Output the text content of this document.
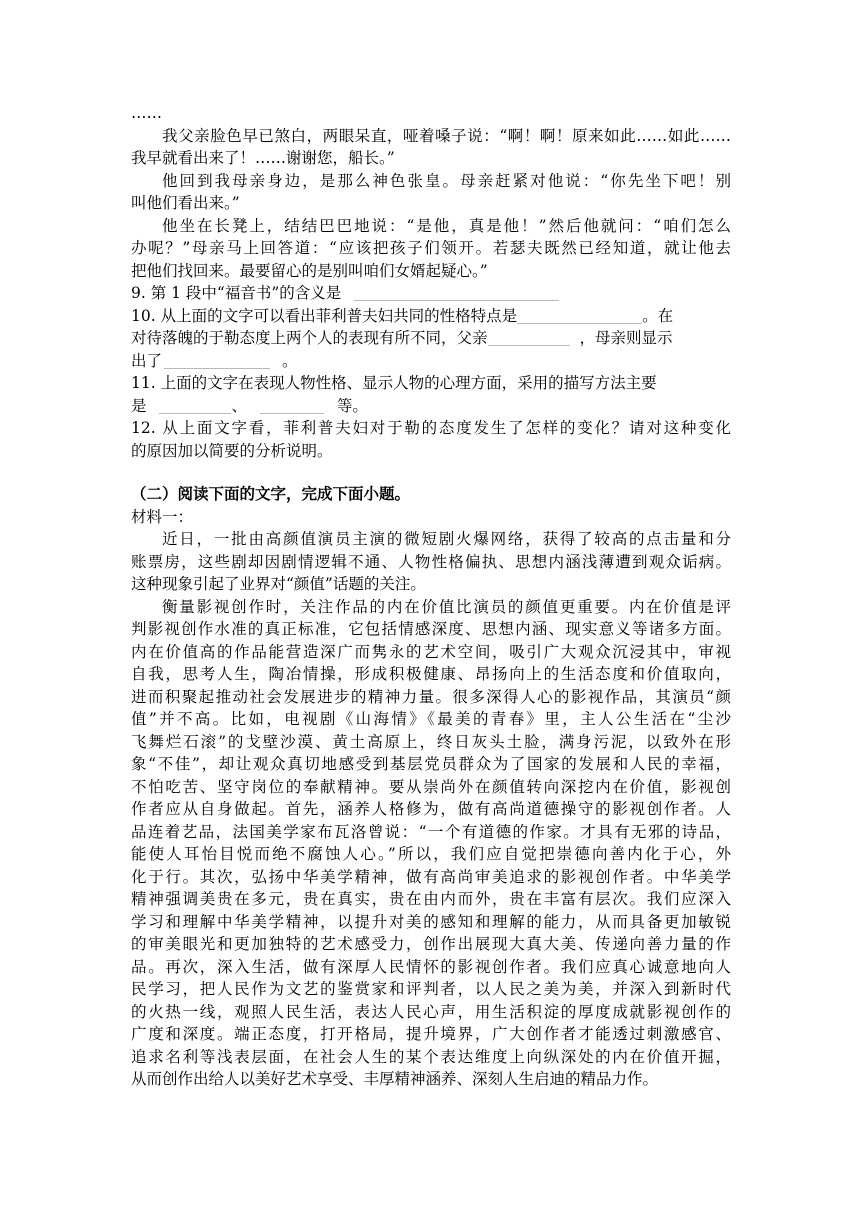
……
我父亲脸色早已煞白，两眼呆直，哑着嗓子说：“啊！啊！原来如此……如此……
我早就看出来了！……谢谢您，船长。”
他回到我母亲身边，是那么神色张皇。母亲赶紧对他说：“你先坐下吧！别
叫他们看出来。”
他坐在长凳上，结结巴巴地说：“是他，真是他！”然后他就问：“咱们怎么
办呢？”母亲马上回答道：“应该把孩子们领开。若瑟夫既然已经知道，就让他去
把他们找回来。最要留心的是别叫咱们女婿起疑心。”
9. 第 1 段中“福音书”的含义是
10. 从上面的文字可以看出菲利普夫妇共同的性格特点是	。在
对待落魄的于勒态度上两个人的表现有所不同，父亲	，母亲则显示
出了	。
11. 上面的文字在表现人物性格、显示人物的心理方面，采用的描写方法主要
是	、	等。
12. 从上面文字看，菲利普夫妇对于勒的态度发生了怎样的变化？请对这种变化
的原因加以简要的分析说明。
（二）阅读下面的文字，完成下面小题。
材料一：
近日，一批由高颜值演员主演的微短剧火爆网络，获得了较高的点击量和分
账票房，这些剧却因剧情逻辑不通、人物性格偏执、思想内涵浅薄遭到观众诟病。
这种现象引起了业界对“颜值”话题的关注。
衡量影视创作时，关注作品的内在价值比演员的颜值更重要。内在价值是评
判影视创作水准的真正标准，它包括情感深度、思想内涵、现实意义等诸多方面。
内在价值高的作品能营造深广而隽永的艺术空间，吸引广大观众沉浸其中，审视
自我，思考人生，陶冶情操，形成积极健康、昂扬向上的生活态度和价值取向，
进而积聚起推动社会发展进步的精神力量。很多深得人心的影视作品，其演员“颜
值”并不高。比如，电视剧《山海情》《最美的青春》里，主人公生活在“尘沙
飞舞烂石滚”的戈壁沙漠、黄土高原上，终日灰头土脸，满身污泥，以致外在形
象“不佳”，却让观众真切地感受到基层党员群众为了国家的发展和人民的幸福，
不怕吃苦、坚守岗位的奉献精神。要从崇尚外在颜值转向深挖内在价值，影视创
作者应从自身做起。首先，涵养人格修为，做有高尚道德操守的影视创作者。人
品连着艺品，法国美学家布瓦洛曾说：“一个有道德的作家。才具有无邪的诗品，
能使人耳怡目悦而绝不腐蚀人心。”所以，我们应自觉把崇德向善内化于心，外
化于行。其次，弘扬中华美学精神，做有高尚审美追求的影视创作者。中华美学
精神强调美贵在多元，贵在真实，贵在由内而外，贵在丰富有层次。我们应深入
学习和理解中华美学精神，以提升对美的感知和理解的能力，从而具备更加敏锐
的审美眼光和更加独特的艺术感受力，创作出展现大真大美、传递向善力量的作
品。再次，深入生活，做有深厚人民情怀的影视创作者。我们应真心诚意地向人
民学习，把人民作为文艺的鉴赏家和评判者，以人民之美为美，并深入到新时代
的火热一线，观照人民生活，表达人民心声，用生活积淀的厚度成就影视创作的
广度和深度。端正态度，打开格局，提升境界，广大创作者才能透过刺激感官、
追求名利等浅表层面，在社会人生的某个表达维度上向纵深处的内在价值开掘，
从而创作出给人以美好艺术享受、丰厚精神涵养、深刻人生启迪的精品力作。
